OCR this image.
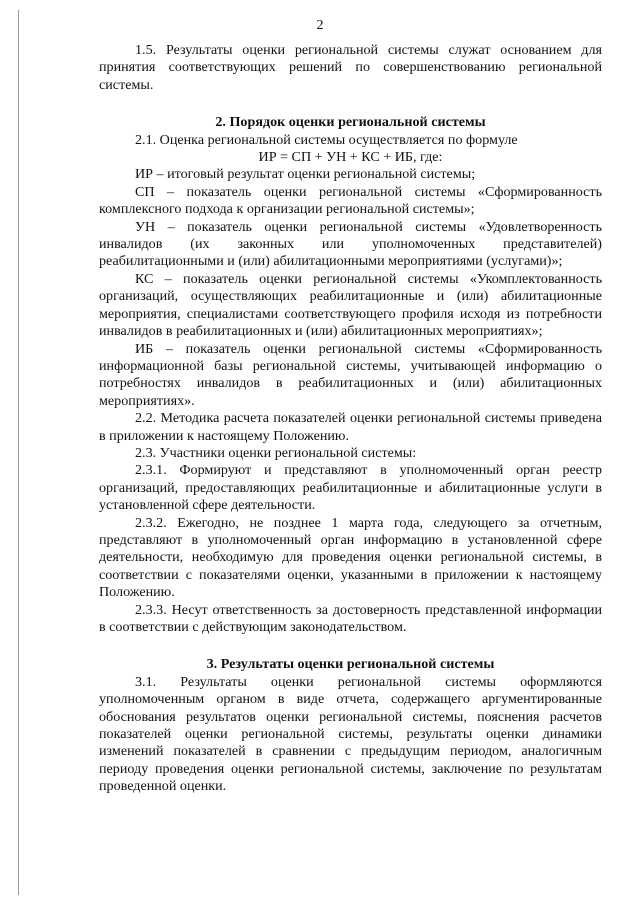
2

1.5. Результаты оценки региональной системы служат основанием для принятия соответствующих решений по совершенствованию региональной системы.

2. Порядок оценки региональной системы

2.1. Оценка региональной системы осуществляется по формуле

ИР = СП + УН + КС + ИБ, где:

ИР – итоговый результат оценки региональной системы;

СП – показатель оценки региональной системы «Сформированность комплексного подхода к организации региональной системы»;

УН – показатель оценки региональной системы «Удовлетворенность инвалидов (их законных или уполномоченных представителей)

реабилитационными и (или) абилитационными мероприятиями (услугами)»;

КС – показатель оценки региональной системы «Укомплектованность организаций, осуществляющих реабилитационные и (или) абилитационные мероприятия, специалистами соответствующего профиля исходя из потребности инвалидов в реабилитационных и (или) абилитационных мероприятиях»;

ИБ – показатель оценки региональной системы «Сформированность информационной базы региональной системы, учитывающей информацию о потребностях инвалидов в реабилитационных и (или) абилитационных мероприятиях».

2.2. Методика расчета показателей оценки региональной системы приведена в приложении к настоящему Положению.

2.3. Участники оценки региональной системы:

2.3.1. Формируют и представляют в уполномоченный орган реестр организаций, предоставляющих реабилитационные и абилитационные услуги в установленной сфере деятельности.

2.3.2. Ежегодно, не позднее 1 марта года, следующего за отчетным, представляют в уполномоченный орган информацию в установленной сфере деятельности, необходимую для проведения оценки региональной системы, в соответствии с показателями оценки, указанными в приложении к настоящему Положению.

2.3.3. Несут ответственность за достоверность представленной информации в соответствии с действующим законодательством.

3. Результаты оценки региональной системы

3.1. Результаты оценки региональной системы оформляются уполномоченным органом в виде отчета, содержащего аргументированные обоснования результатов оценки региональной системы, пояснения расчетов показателей оценки региональной системы, результаты оценки динамики изменений показателей в сравнении с предыдущим периодом, аналогичным периоду проведения оценки региональной системы, заключение по результатам проведенной оценки.
